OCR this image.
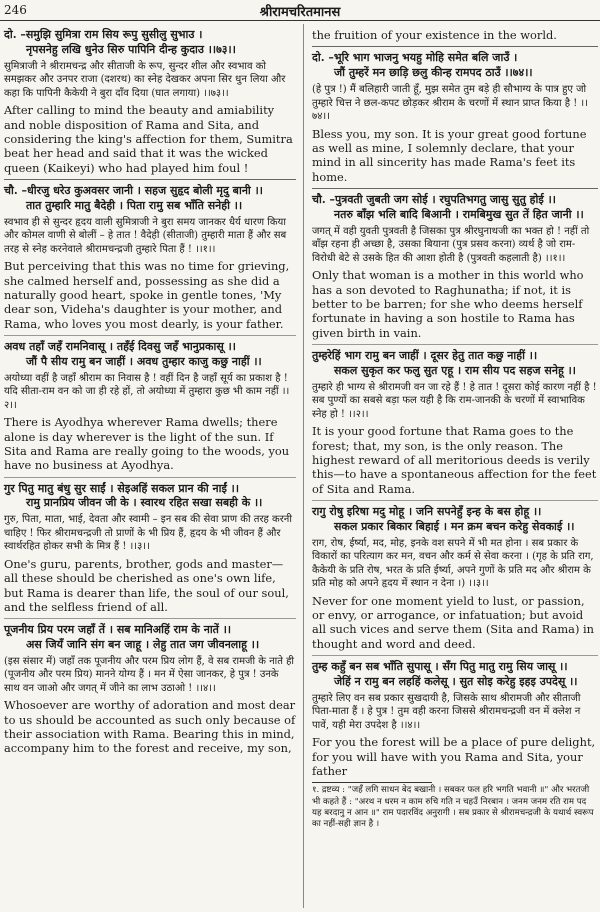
246	श्रीरामचरितमानस
दो. –समुझि सुमित्रा राम सिय रूपु सुसीलु सुभाउ ।
नृपसनेहु लखि धुनेउ सिरु पापिनि दीन्ह कुदाउ ।।७३।।
सुमित्राजी ने श्रीरामचन्द्र और सीताजी के रूप, सुन्दर शील और स्वभाव को समझकर और उनपर राजा (दशरथ) का स्नेह देखकर अपना सिर धुन लिया और कहा कि पापिनी कैकेयी ने बुरा दाँव दिया (घात लगाया) ।।७३।।
After calling to mind the beauty and amiability and noble disposition of Rama and Sita, and considering the king's affection for them, Sumitra beat her head and said that it was the wicked queen (Kaikeyi) who had played him foul !
चौ. –धीरजु धरेउ कुअवसर जानी । सहज सुहृद बोली मृदु बानी ।।
तात तुम्हारि मातु बैदेही । पिता रामु सब भाँति सनेही ।।
स्वभाव ही से सुन्दर हृदय वाली सुमित्राजी ने बुरा समय जानकर धैर्य धारण किया और कोमल वाणी से बोलीं – हे तात ! वैदेही (सीताजी) तुम्हारी माता हैं और सब तरह से स्नेह करनेवाले श्रीरामचन्द्रजी तुम्हारे पिता हैं ! ।।१।।
But perceiving that this was no time for grieving, she calmed herself and, possessing as she did a naturally good heart, spoke in gentle tones, 'My dear son, Videha's daughter is your mother, and Rama, who loves you most dearly, is your father.
अवध तहाँ जहँ रामनिवासू । तहँई दिवसु जहँ भानुप्रकासू ।।
जौं पै सीय रामु बन जाहीं । अवध तुम्हार काजु कछु नाहीं ।।
अयोध्या वहीं है जहाँ श्रीराम का निवास है ! वहीं दिन है जहाँ सूर्य का प्रकाश है ! यदि सीता-राम वन को जा ही रहे हों, तो अयोध्या में तुम्हारा कुछ भी काम नहीं ।।२।।
There is Ayodhya wherever Rama dwells; there alone is day wherever is the light of the sun. If Sita and Rama are really going to the woods, you have no business at Ayodhya.
गुर पितु मातु बंधु सुर साईं । सेइअहिं सकल प्रान की नाईं ।।
रामु प्रानप्रिय जीवन जी के । स्वारथ रहित सखा सबही के ।।
गुरु, पिता, माता, भाई, देवता और स्वामी – इन सब की सेवा प्राण की तरह करनी चाहिए ! फिर श्रीरामचन्द्रजी तो प्राणों के भी प्रिय हैं, हृदय के भी जीवन हैं और स्वार्थरहित होकर सभी के मित्र हैं ! ।।३।।
One's guru, parents, brother, gods and master—all these should be cherished as one's own life, but Rama is dearer than life, the soul of our soul, and the selfless friend of all.
पूजनीय प्रिय परम जहाँ तें । सब मानिअहिं राम के नातें ।।
अस जियँ जानि संग बन जाहू । लेहु तात जग जीवनलाहू ।।
(इस संसार में) जहाँ तक पूजनीय और परम प्रिय लोग हैं, वे सब रामजी के नाते ही (पूजनीय और परम प्रिय) मानने योग्य हैं । मन में ऐसा जानकर, हे पुत्र ! उनके साथ वन जाओ और जगत् में जीने का लाभ उठाओ ! ।।४।।
Whosoever are worthy of adoration and most dear to us should be accounted as such only because of their association with Rama. Bearing this in mind, accompany him to the forest and receive, my son,
the fruition of your existence in the world.
दो. –भूरि भाग भाजनु भयहु मोहि समेत बलि जाउँ ।
जौं तुम्हरें मन छाड़ि छलु कीन्ह रामपद ठाउँ ।।७४।।
(हे पुत्र !) मैं बलिहारी जाती हूँ, मुझ समेत तुम बड़े ही सौभाग्य के पात्र हुए जो तुम्हारे चित्त ने छल-कपट छोड़कर श्रीराम के चरणों में स्थान प्राप्त किया है ! ।।७४।।
Bless you, my son. It is your great good fortune as well as mine, I solemnly declare, that your mind in all sincerity has made Rama's feet its home.
चौ. –पुत्रवती जुबती जग सोई । रघुपतिभगतु जासु सुतु होई ।।
नतरु बाँझ भलि बादि बिआनी । रामबिमुख सुत तें हित जानी ।।
जगत् में वही युवती पुत्रवती है जिसका पुत्र श्रीरघुनाथजी का भक्त हो ! नहीं तो बाँझ रहना ही अच्छा है, उसका बियाना (पुत्र प्रसव करना) व्यर्थ है जो राम-विरोधी बेटे से उसके हित की आशा होती है (पुत्रवती कहलाती है) ।।१।।
Only that woman is a mother in this world who has a son devoted to Raghunatha; if not, it is better to be barren; for she who deems herself fortunate in having a son hostile to Rama has given birth in vain.
तुम्हरेहिं भाग रामु बन जाहीं । दूसर हेतु तात कछु नाहीं ।।
सकल सुकृत कर फलु सुत एहू । राम सीय पद सहज सनेहू ।।
तुम्हारे ही भाग्य से श्रीरामजी वन जा रहे हैं ! हे तात ! दूसरा कोई कारण नहीं है ! सब पुण्यों का सबसे बड़ा फल यही है कि राम-जानकी के चरणों में स्वाभाविक स्नेह हो ! ।।२।।
It is your good fortune that Rama goes to the forest; that, my son, is the only reason. The highest reward of all meritorious deeds is verily this—to have a spontaneous affection for the feet of Sita and Rama.
रागु रोषु इरिषा मदु मोहू । जनि सपनेहुँ इन्ह के बस होहू ।।
सकल प्रकार बिकार बिहाई । मन क्रम बचन करेहु सेवकाई ।।
राग, रोष, ईर्ष्या, मद, मोह, इनके वश सपने में भी मत होना । सब प्रकार के विकारों का परित्याग कर मन, वचन और कर्म से सेवा करना । (गृह के प्रति राग, कैकेयी के प्रति रोष, भरत के प्रति ईर्ष्या, अपने गुणों के प्रति मद और श्रीराम के प्रति मोह को अपने हृदय में स्थान न देना ।) ।।३।।
Never for one moment yield to lust, or passion, or envy, or arrogance, or infatuation; but avoid all such vices and serve them (Sita and Rama) in thought and word and deed.
तुम्ह कहुँ बन सब भाँति सुपासू । सँग पितु मातु रामु सिय जासू ।।
जेहिं न रामु बन लहहिं कलेसू । सुत सोइ करेहु इहइ उपदेसू ।।
तुम्हारे लिए वन सब प्रकार सुखदायी है, जिसके साथ श्रीरामजी और सीताजी पिता-माता हैं । हे पुत्र ! तुम वही करना जिससे श्रीरामचन्द्रजी वन में क्लेश न पावें, यही मेरा उपदेश है ।।४।।
For you the forest will be a place of pure delight, for you will have with you Rama and Sita, your father
१. द्रष्टव्य : "जहँ लगि साधन बेद बखानी । सबकर फल हरि भगति भवानी ॥" और भरतजी भी कहते हैं : "अरथ न धरम न काम रुचि गति न चहउँ निरबान । जनम जनम रति राम पद यह बरदानु न आन ॥" राम पदारविंद अनुरागी । सब प्रकार से श्रीरामचन्द्रजी के यथार्थ स्वरूप का नहीं-सही ज्ञान है ।
